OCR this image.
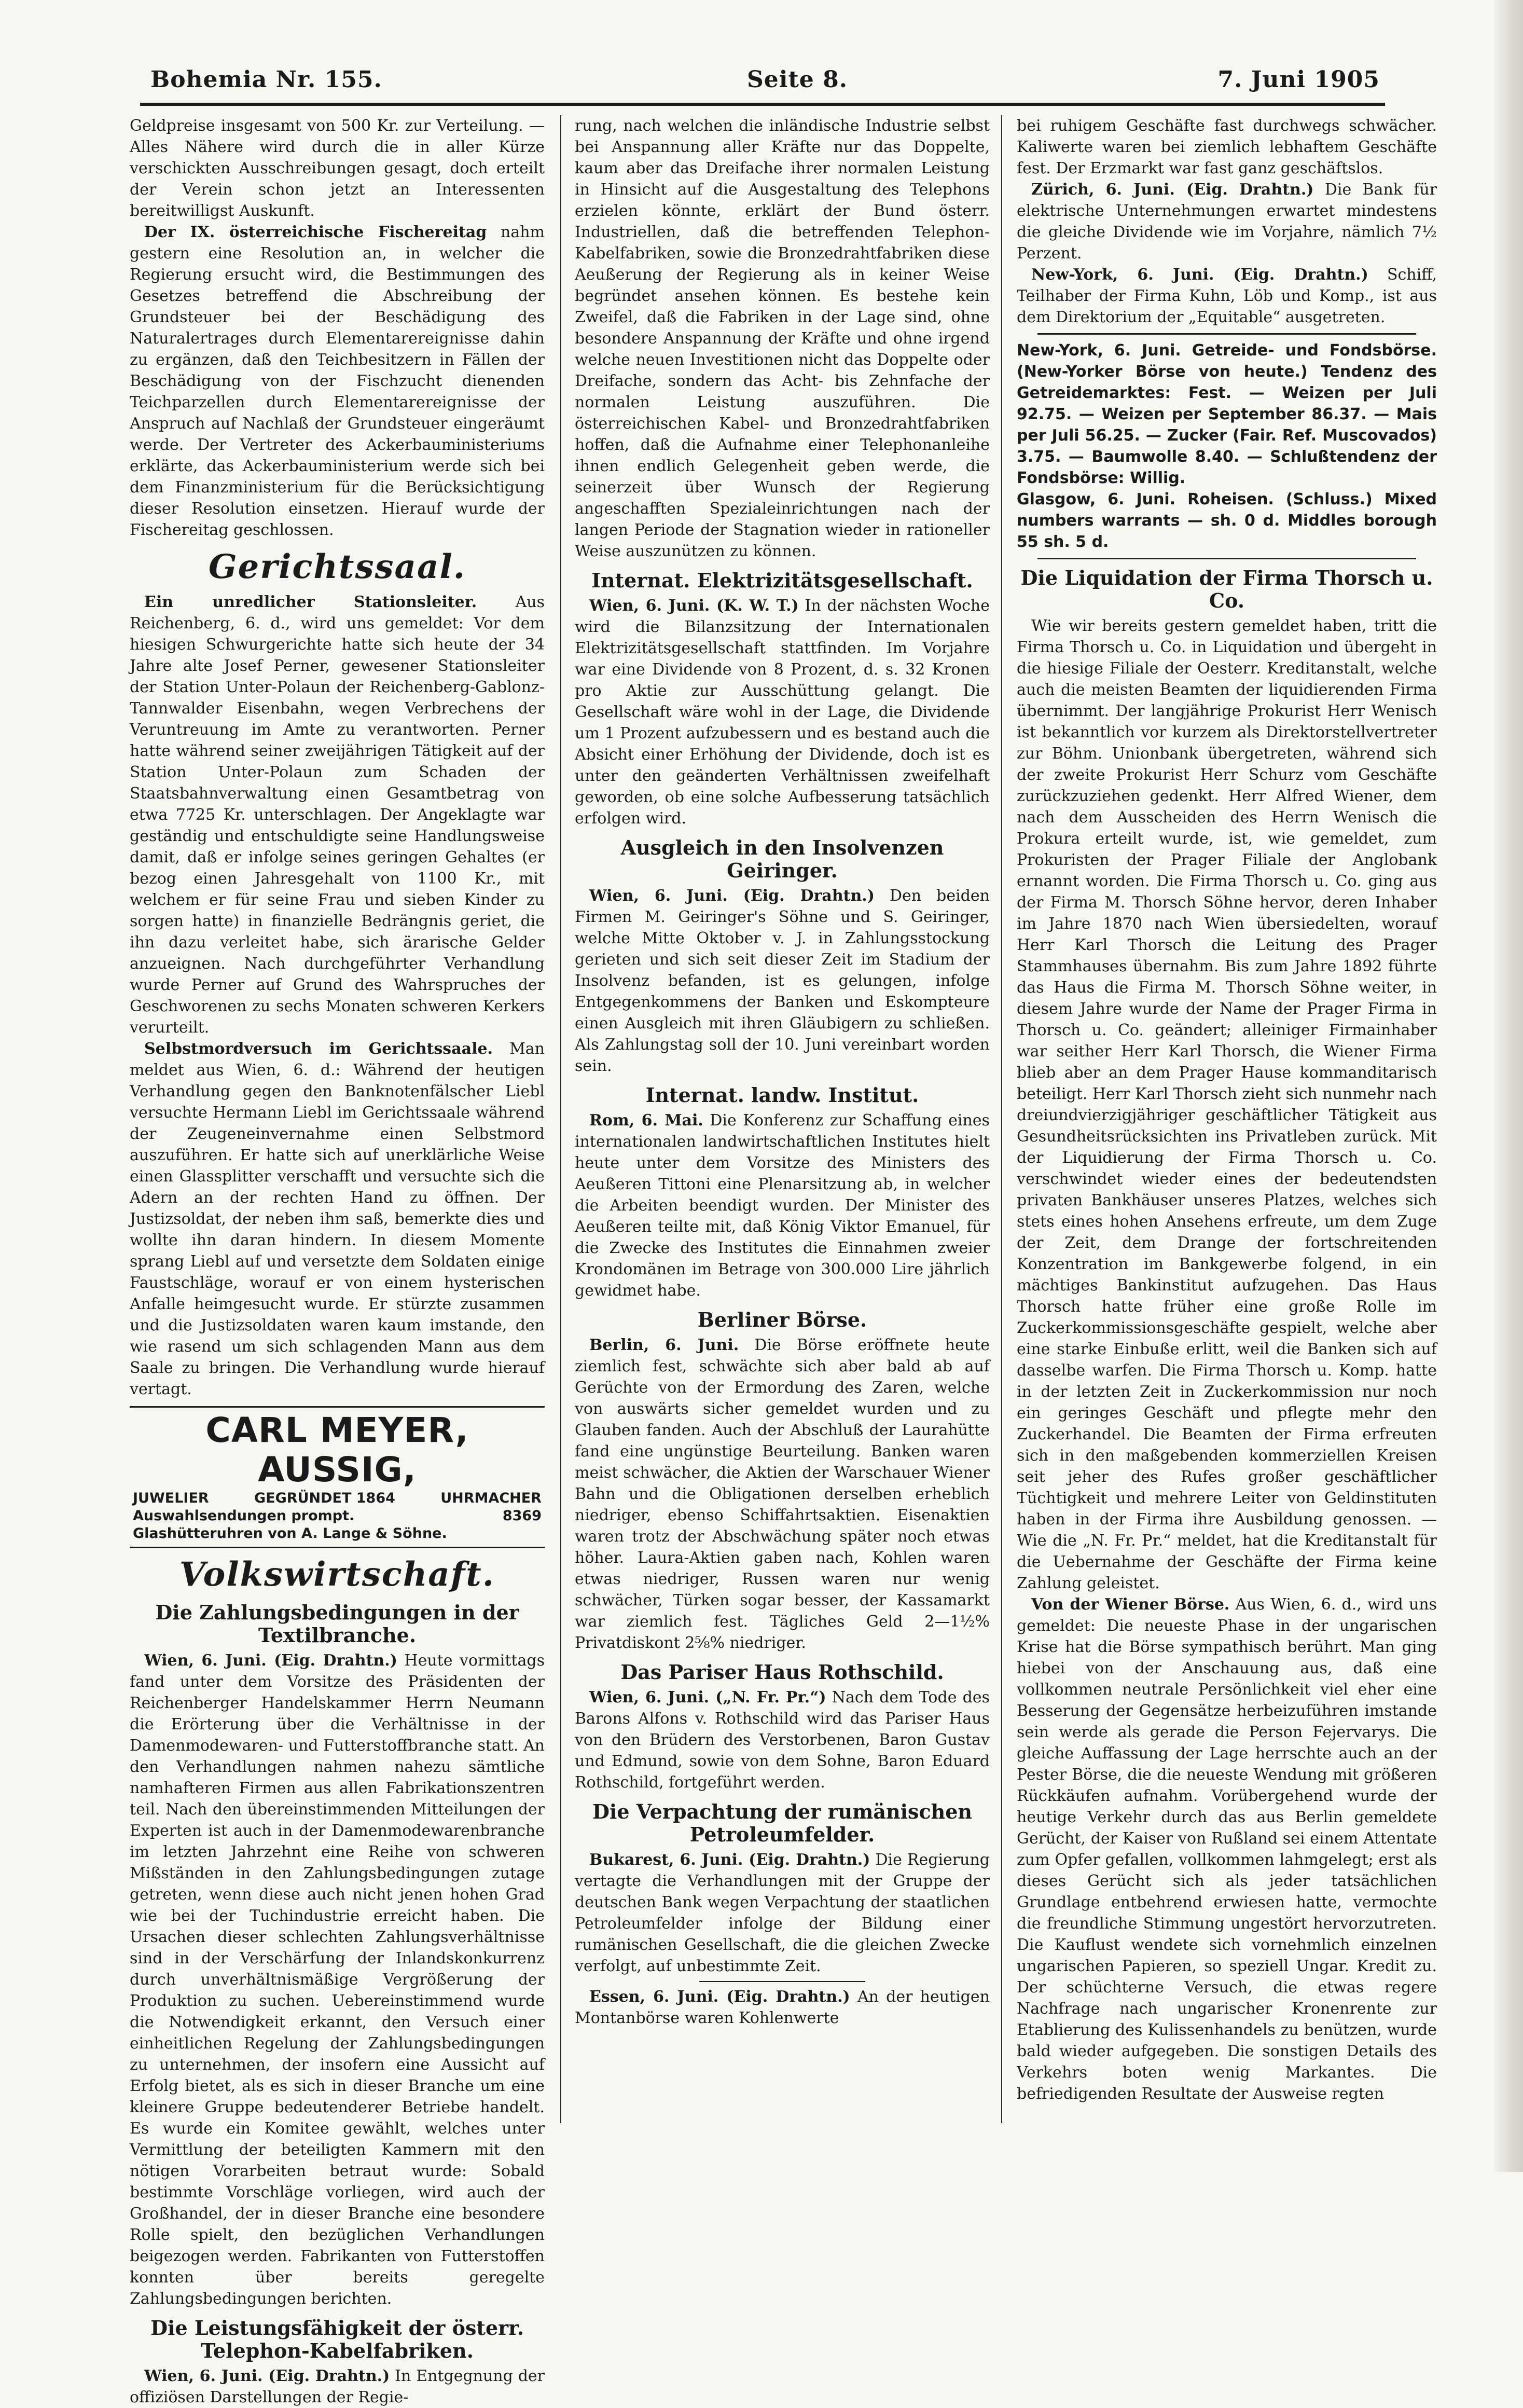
Bohemia Nr. 155.	Seite 8.	7. Juni 1905

Geldpreise insgesamt von 500 Kr. zur Verteilung. — Alles Nähere wird durch die in aller Kürze verschickten Ausschreibungen gesagt, doch erteilt der Verein schon jetzt an Interessenten bereitwilligst Auskunft.

Der IX. österreichische Fischereitag nahm gestern eine Resolution an, in welcher die Regierung ersucht wird, die Bestimmungen des Gesetzes betreffend die Abschreibung der Grundsteuer bei der Beschädigung des Naturalertrages durch Elementarereignisse dahin zu ergänzen, daß den Teichbesitzern in Fällen der Beschädigung von der Fischzucht dienenden Teichparzellen durch Elementarereignisse der Anspruch auf Nachlaß der Grundsteuer eingeräumt werde. Der Vertreter des Ackerbauministeriums erklärte, das Ackerbauministerium werde sich bei dem Finanzministerium für die Berücksichtigung dieser Resolution einsetzen. Hierauf wurde der Fischereitag geschlossen.

Gerichtssaal.

Ein unredlicher Stationsleiter. Aus Reichenberg, 6. d., wird uns gemeldet: Vor dem hiesigen Schwurgerichte hatte sich heute der 34 Jahre alte Josef Perner, gewesener Stationsleiter der Station Unter-Polaun der Reichenberg-Gablonz-Tannwalder Eisenbahn, wegen Verbrechens der Veruntreuung im Amte zu verantworten. Perner hatte während seiner zweijährigen Tätigkeit auf der Station Unter-Polaun zum Schaden der Staatsbahnverwaltung einen Gesamtbetrag von etwa 7725 Kr. unterschlagen. Der Angeklagte war geständig und entschuldigte seine Handlungsweise damit, daß er infolge seines geringen Gehaltes (er bezog einen Jahresgehalt von 1100 Kr., mit welchem er für seine Frau und sieben Kinder zu sorgen hatte) in finanzielle Bedrängnis geriet, die ihn dazu verleitet habe, sich ärarische Gelder anzueignen. Nach durchgeführter Verhandlung wurde Perner auf Grund des Wahrspruches der Geschworenen zu sechs Monaten schweren Kerkers verurteilt.

Selbstmordversuch im Gerichtssaale. Man meldet aus Wien, 6. d.: Während der heutigen Verhandlung gegen den Banknotenfälscher Liebl versuchte Hermann Liebl im Gerichtssaale während der Zeugeneinvernahme einen Selbstmord auszuführen. Er hatte sich auf unerklärliche Weise einen Glassplitter verschafft und versuchte sich die Adern an der rechten Hand zu öffnen. Der Justizsoldat, der neben ihm saß, bemerkte dies und wollte ihn daran hindern. In diesem Momente sprang Liebl auf und versetzte dem Soldaten einige Faustschläge, worauf er von einem hysterischen Anfalle heimgesucht wurde. Er stürzte zusammen und die Justizsoldaten waren kaum imstande, den wie rasend um sich schlagenden Mann aus dem Saale zu bringen. Die Verhandlung wurde hierauf vertagt.

CARL MEYER, AUSSIG,
JUWELIER	GEGRÜNDET 1864	UHRMACHER
Auswahlsendungen prompt.	8369
Glashütteruhren von A. Lange & Söhne.
Volkswirtschaft.
Die Zahlungsbedingungen in der Textilbranche.

Wien, 6. Juni. (Eig. Drahtn.) Heute vormittags fand unter dem Vorsitze des Präsidenten der Reichenberger Handelskammer Herrn Neumann die Erörterung über die Verhältnisse in der Damenmodewaren- und Futterstoffbranche statt. An den Verhandlungen nahmen nahezu sämtliche namhafteren Firmen aus allen Fabrikationszentren teil. Nach den übereinstimmenden Mitteilungen der Experten ist auch in der Damenmodewarenbranche im letzten Jahrzehnt eine Reihe von schweren Mißständen in den Zahlungsbedingungen zutage getreten, wenn diese auch nicht jenen hohen Grad wie bei der Tuchindustrie erreicht haben. Die Ursachen dieser schlechten Zahlungsverhältnisse sind in der Verschärfung der Inlandskonkurrenz durch unverhältnismäßige Vergrößerung der Produktion zu suchen. Uebereinstimmend wurde die Notwendigkeit erkannt, den Versuch einer einheitlichen Regelung der Zahlungsbedingungen zu unternehmen, der insofern eine Aussicht auf Erfolg bietet, als es sich in dieser Branche um eine kleinere Gruppe bedeutenderer Betriebe handelt. Es wurde ein Komitee gewählt, welches unter Vermittlung der beteiligten Kammern mit den nötigen Vorarbeiten betraut wurde: Sobald bestimmte Vorschläge vorliegen, wird auch der Großhandel, der in dieser Branche eine besondere Rolle spielt, den bezüglichen Verhandlungen beigezogen werden. Fabrikanten von Futterstoffen konnten über bereits geregelte Zahlungsbedingungen berichten.

Die Leistungsfähigkeit der österr. Telephon-Kabelfabriken.

Wien, 6. Juni. (Eig. Drahtn.) In Entgegnung der offiziösen Darstellungen der Regie-

rung, nach welchen die inländische Industrie selbst bei Anspannung aller Kräfte nur das Doppelte, kaum aber das Dreifache ihrer normalen Leistung in Hinsicht auf die Ausgestaltung des Telephons erzielen könnte, erklärt der Bund österr. Industriellen, daß die betreffenden Telephon-Kabelfabriken, sowie die Bronzedrahtfabriken diese Aeußerung der Regierung als in keiner Weise begründet ansehen können. Es bestehe kein Zweifel, daß die Fabriken in der Lage sind, ohne besondere Anspannung der Kräfte und ohne irgend welche neuen Investitionen nicht das Doppelte oder Dreifache, sondern das Acht- bis Zehnfache der normalen Leistung auszuführen. Die österreichischen Kabel- und Bronzedrahtfabriken hoffen, daß die Aufnahme einer Telephonanleihe ihnen endlich Gelegenheit geben werde, die seinerzeit über Wunsch der Regierung angeschafften Spezialeinrichtungen nach der langen Periode der Stagnation wieder in rationeller Weise auszunützen zu können.

Internat. Elektrizitätsgesellschaft.

Wien, 6. Juni. (K. W. T.) In der nächsten Woche wird die Bilanzsitzung der Internationalen Elektrizitätsgesellschaft stattfinden. Im Vorjahre war eine Dividende von 8 Prozent, d. s. 32 Kronen pro Aktie zur Ausschüttung gelangt. Die Gesellschaft wäre wohl in der Lage, die Dividende um 1 Prozent aufzubessern und es bestand auch die Absicht einer Erhöhung der Dividende, doch ist es unter den geänderten Verhältnissen zweifelhaft geworden, ob eine solche Aufbesserung tatsächlich erfolgen wird.

Ausgleich in den Insolvenzen Geiringer.

Wien, 6. Juni. (Eig. Drahtn.) Den beiden Firmen M. Geiringer's Söhne und S. Geiringer, welche Mitte Oktober v. J. in Zahlungsstockung gerieten und sich seit dieser Zeit im Stadium der Insolvenz befanden, ist es gelungen, infolge Entgegenkommens der Banken und Eskompteure einen Ausgleich mit ihren Gläubigern zu schließen. Als Zahlungstag soll der 10. Juni vereinbart worden sein.

Internat. landw. Institut.

Rom, 6. Mai. Die Konferenz zur Schaffung eines internationalen landwirtschaftlichen Institutes hielt heute unter dem Vorsitze des Ministers des Aeußeren Tittoni eine Plenarsitzung ab, in welcher die Arbeiten beendigt wurden. Der Minister des Aeußeren teilte mit, daß König Viktor Emanuel, für die Zwecke des Institutes die Einnahmen zweier Krondomänen im Betrage von 300.000 Lire jährlich gewidmet habe.

Berliner Börse.

Berlin, 6. Juni. Die Börse eröffnete heute ziemlich fest, schwächte sich aber bald ab auf Gerüchte von der Ermordung des Zaren, welche von auswärts sicher gemeldet wurden und zu Glauben fanden. Auch der Abschluß der Laurahütte fand eine ungünstige Beurteilung. Banken waren meist schwächer, die Aktien der Warschauer Wiener Bahn und die Obligationen derselben erheblich niedriger, ebenso Schiffahrtsaktien. Eisenaktien waren trotz der Abschwächung später noch etwas höher. Laura-Aktien gaben nach, Kohlen waren etwas niedriger, Russen waren nur wenig schwächer, Türken sogar besser, der Kassamarkt war ziemlich fest. Tägliches Geld 2—1½% Privatdiskont 2⅝% niedriger.

Das Pariser Haus Rothschild.

Wien, 6. Juni. („N. Fr. Pr.“) Nach dem Tode des Barons Alfons v. Rothschild wird das Pariser Haus von den Brüdern des Verstorbenen, Baron Gustav und Edmund, sowie von dem Sohne, Baron Eduard Rothschild, fortgeführt werden.

Die Verpachtung der rumänischen Petroleumfelder.

Bukarest, 6. Juni. (Eig. Drahtn.) Die Regierung vertagte die Verhandlungen mit der Gruppe der deutschen Bank wegen Verpachtung der staatlichen Petroleumfelder infolge der Bildung einer rumänischen Gesellschaft, die die gleichen Zwecke verfolgt, auf unbestimmte Zeit.

Essen, 6. Juni. (Eig. Drahtn.) An der heutigen Montanbörse waren Kohlenwerte

bei ruhigem Geschäfte fast durchwegs schwächer. Kaliwerte waren bei ziemlich lebhaftem Geschäfte fest. Der Erzmarkt war fast ganz geschäftslos.

Zürich, 6. Juni. (Eig. Drahtn.) Die Bank für elektrische Unternehmungen erwartet mindestens die gleiche Dividende wie im Vorjahre, nämlich 7½ Perzent.

New-York, 6. Juni. (Eig. Drahtn.) Schiff, Teilhaber der Firma Kuhn, Löb und Komp., ist aus dem Direktorium der „Equitable“ ausgetreten.

New-York, 6. Juni. Getreide- und Fondsbörse. (New-Yorker Börse von heute.) Tendenz des Getreidemarktes: Fest. — Weizen per Juli 92.75. — Weizen per September 86.37. — Mais per Juli 56.25. — Zucker (Fair. Ref. Muscovados) 3.75. — Baumwolle 8.40. — Schlußtendenz der Fondsbörse: Willig.

Glasgow, 6. Juni. Roheisen. (Schluss.) Mixed numbers warrants — sh. 0 d. Middles borough 55 sh. 5 d.

Die Liquidation der Firma Thorsch u. Co.

Wie wir bereits gestern gemeldet haben, tritt die Firma Thorsch u. Co. in Liquidation und übergeht in die hiesige Filiale der Oesterr. Kreditanstalt, welche auch die meisten Beamten der liquidierenden Firma übernimmt. Der langjährige Prokurist Herr Wenisch ist bekanntlich vor kurzem als Direktorstellvertreter zur Böhm. Unionbank übergetreten, während sich der zweite Prokurist Herr Schurz vom Geschäfte zurückzuziehen gedenkt. Herr Alfred Wiener, dem nach dem Ausscheiden des Herrn Wenisch die Prokura erteilt wurde, ist, wie gemeldet, zum Prokuristen der Prager Filiale der Anglobank ernannt worden. Die Firma Thorsch u. Co. ging aus der Firma M. Thorsch Söhne hervor, deren Inhaber im Jahre 1870 nach Wien übersiedelten, worauf Herr Karl Thorsch die Leitung des Prager Stammhauses übernahm. Bis zum Jahre 1892 führte das Haus die Firma M. Thorsch Söhne weiter, in diesem Jahre wurde der Name der Prager Firma in Thorsch u. Co. geändert; alleiniger Firmainhaber war seither Herr Karl Thorsch, die Wiener Firma blieb aber an dem Prager Hause kommanditarisch beteiligt. Herr Karl Thorsch zieht sich nunmehr nach dreiundvierzigjähriger geschäftlicher Tätigkeit aus Gesundheitsrücksichten ins Privatleben zurück. Mit der Liquidierung der Firma Thorsch u. Co. verschwindet wieder eines der bedeutendsten privaten Bankhäuser unseres Platzes, welches sich stets eines hohen Ansehens erfreute, um dem Zuge der Zeit, dem Drange der fortschreitenden Konzentration im Bankgewerbe folgend, in ein mächtiges Bankinstitut aufzugehen. Das Haus Thorsch hatte früher eine große Rolle im Zuckerkommissionsgeschäfte gespielt, welche aber eine starke Einbuße erlitt, weil die Banken sich auf dasselbe warfen. Die Firma Thorsch u. Komp. hatte in der letzten Zeit in Zuckerkommission nur noch ein geringes Geschäft und pflegte mehr den Zuckerhandel. Die Beamten der Firma erfreuten sich in den maßgebenden kommerziellen Kreisen seit jeher des Rufes großer geschäftlicher Tüchtigkeit und mehrere Leiter von Geldinstituten haben in der Firma ihre Ausbildung genossen. — Wie die „N. Fr. Pr.“ meldet, hat die Kreditanstalt für die Uebernahme der Geschäfte der Firma keine Zahlung geleistet.

Von der Wiener Börse. Aus Wien, 6. d., wird uns gemeldet: Die neueste Phase in der ungarischen Krise hat die Börse sympathisch berührt. Man ging hiebei von der Anschauung aus, daß eine vollkommen neutrale Persönlichkeit viel eher eine Besserung der Gegensätze herbeizuführen imstande sein werde als gerade die Person Fejervarys. Die gleiche Auffassung der Lage herrschte auch an der Pester Börse, die die neueste Wendung mit größeren Rückkäufen aufnahm. Vorübergehend wurde der heutige Verkehr durch das aus Berlin gemeldete Gerücht, der Kaiser von Rußland sei einem Attentate zum Opfer gefallen, vollkommen lahmgelegt; erst als dieses Gerücht sich als jeder tatsächlichen Grundlage entbehrend erwiesen hatte, vermochte die freundliche Stimmung ungestört hervorzutreten. Die Kauflust wendete sich vornehmlich einzelnen ungarischen Papieren, so speziell Ungar. Kredit zu. Der schüchterne Versuch, die etwas regere Nachfrage nach ungarischer Kronenrente zur Etablierung des Kulissenhandels zu benützen, wurde bald wieder aufgegeben. Die sonstigen Details des Verkehrs boten wenig Markantes. Die befriedigenden Resultate der Ausweise regten
